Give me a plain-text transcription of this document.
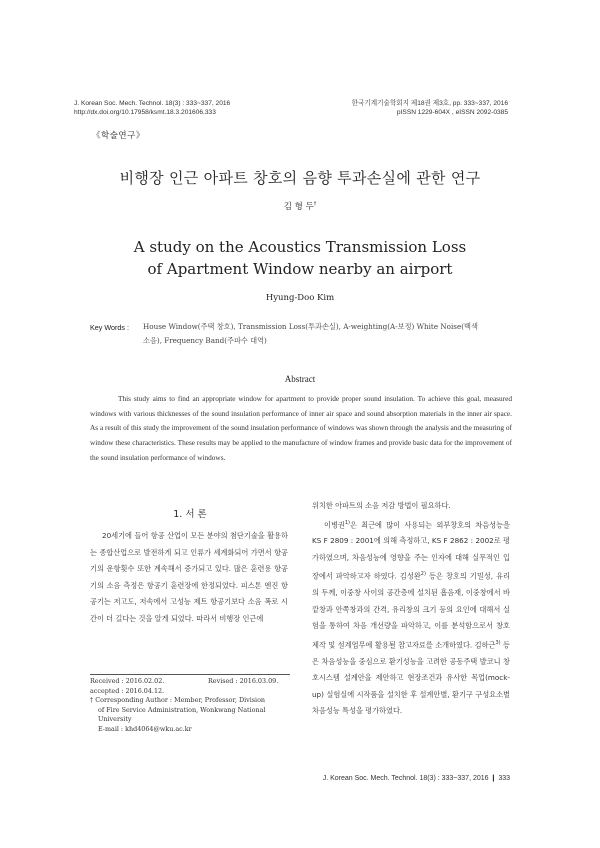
J. Korean Soc. Mech. Technol. 18(3) : 333~337, 2016
http://dx.doi.org/10.17958/ksmt.18.3.201606.333
한국기계기술학회지 제18권 제3호, pp. 333~337, 2016
pISSN 1229-604X , eISSN 2092-0385
《학술연구》
비행장 인근 아파트 창호의 음향 투과손실에 관한 연구
김 형 두†
A study on the Acoustics Transmission Loss
of Apartment Window nearby an airport
Hyung-Doo Kim
Key Words : House Window(주택 창호), Transmission Loss(투과손실), A-weighting(A-보정) White Noise(백색
소음), Frequency Band(주파수 대역)
Abstract

This study aims to find an appropriate window for apartment to provide proper sound insulation. To achieve this goal, measured windows with various thicknesses of the sound insulation performance of inner air space and sound absorption materials in the inner air space. As a result of this study the improvement of the sound insulation performance of windows was shown through the analysis and the measuring of window these characteristics. These results may be applied to the manufacture of window frames and provide basic data for the improvement of the sound insulation performance of windows.

1. 서 론

20세기에 들어 항공 산업이 모든 분야의 첨단기술을 활용하는 종합산업으로 발전하게 되고 인류가 세계화되어 가면서 항공기의 운항횟수 또한 계속해서 증가되고 있다. 많은 훈련용 항공기의 소음 측정은 항공기 훈련장에 한정되었다. 피스톤 엔진 항공기는 저고도, 저속에서 고성능 제트 항공기보다 소음 폭로 시간이 더 길다는 것을 알게 되었다. 따라서 비행장 인근에

Received : 2016.02.02.	Revised : 2016.03.09.
accepted : 2016.04.12.
† Corresponding Author : Member, Professor, Division
of Fire Service Administration, Wonkwang National
University
E-mail : khd4064@wku.ac.kr
위치한 아파트의 소음 저감 방법이 필요하다.

이병권$^{1)}$은 최근에 많이 사용되는 외부창호의 차음성능을 KS F 2809 : 2001에 의해 측정하고, KS F 2862 : 2002로 평가하였으며, 차음성능에 영향을 주는 인자에 대해 실무적인 입장에서 파악하고자 하였다. 김성완$^{2)}$ 등은 창호의 기밀성, 유리의 두께, 이중창 사이의 공간층에 설치된 흡음재, 이중창에서 바깥창과 안쪽창과의 간격, 유리창의 크기 등의 요인에 대해서 실험을 통하여 차음 개선량을 파악하고, 이를 분석함으로서 창호제작 및 설계업무에 활용될 참고자료를 소개하였다. 김하근$^{3)}$ 등은 차음성능을 중심으로 환기성능을 고려한 공동주택 발코니 창호시스템 설계안을 제안하고 현장조건과 유사한 목업(mock-up) 실험실에 시작품을 설치한 후 설계안별, 환기구 구성요소별 차음성능 특성을 평가하였다.

J. Korean Soc. Mech. Technol. 18(3) : 333~337, 2016 ❙ 333
